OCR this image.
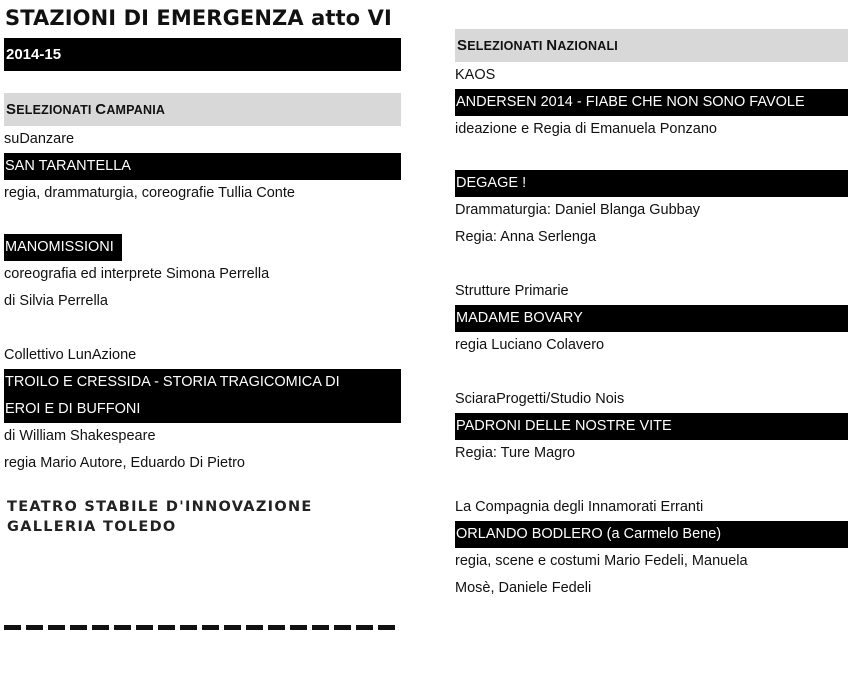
STAZIONI DI EMERGENZA atto VI
2014-15
SELEZIONATI CAMPANIA
suDanzare
SAN TARANTELLA
regia, drammaturgia, coreografie Tullia Conte
MANOMISSIONI
coreografia ed interprete Simona Perrella
di Silvia Perrella
Collettivo LunAzione
TROILO E CRESSIDA - STORIA TRAGICOMICA DI
EROI E DI BUFFONI
di William Shakespeare
regia Mario Autore, Eduardo Di Pietro
TEATRO STABILE D'INNOVAZIONE
GALLERIA TOLEDO
SELEZIONATI NAZIONALI
KAOS
ANDERSEN 2014 - FIABE CHE NON SONO FAVOLE
ideazione e Regia di Emanuela Ponzano
DEGAGE !
Drammaturgia: Daniel Blanga Gubbay
Regia: Anna Serlenga
Strutture Primarie
MADAME BOVARY
regia Luciano Colavero
SciaraProgetti/Studio Nois
PADRONI DELLE NOSTRE VITE
Regia: Ture Magro
La Compagnia degli Innamorati Erranti
ORLANDO BODLERO (a Carmelo Bene)
regia, scene e costumi Mario Fedeli, Manuela
Mosè, Daniele Fedeli
